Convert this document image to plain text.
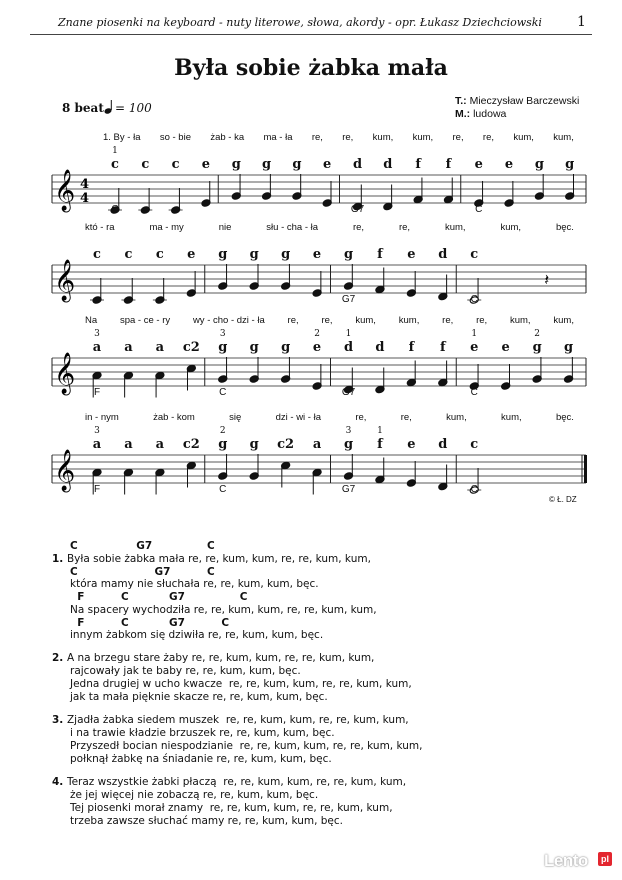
Znane piosenki na keyboard - nuty literowe, słowa, akordy - opr. Łukasz Dziechciowski	1
Była sobie żabka mała
T.: Mieczysław Barczewski
M.: ludowa
8 beat = 100
𝄞 4
4
c c c e g g g e d d f f e e g g
1
C	G7	C
1. By - ła so - bie żab - ka ma - ła re, re, kum, kum, re, re, kum, kum,
𝄞	𝄽
c c c e g g g e g f e d c
G7	C
któ - ra	ma - my	nie	słu - cha - ła	re,	re,	kum,	kum,	bęc.
𝄞
a a a c2 g g g e d d f f e e g g
3	3	2	1	1	2
F	C	G7	C
Na spa - ce - ry wy - cho - dzi - ła re, re, kum, kum, re, re, kum, kum,
𝄞
a a a c2 g g c2 a g f e d c
3	2	3	1
F	C	G7	C
in - nym	żab - kom	się	dzi - wi - ła	re,	re,	kum,	kum,	bęc.
© Ł. DZ
C                G7               C
1. Była sobie żabka mała re, re, kum, kum, re, re, kum, kum,
C                     G7          C
która mamy nie słuchała re, re, kum, kum, bęc.
F          C           G7               C
Na spacery wychodziła re, re, kum, kum, re, re, kum, kum,
F          C           G7          C
innym żabkom się dziwiła re, re, kum, kum, bęc.
2. A na brzegu stare żaby re, re, kum, kum, re, re, kum, kum,
rajcowały jak te baby re, re, kum, kum, bęc.
Jedna drugiej w ucho kwacze  re, re, kum, kum, re, re, kum, kum,
jak ta mała pięknie skacze re, re, kum, kum, bęc.
3. Zjadła żabka siedem muszek  re, re, kum, kum, re, re, kum, kum,
i na trawie kładzie brzuszek re, re, kum, kum, bęc.
Przyszedł bocian niespodzianie  re, re, kum, kum, re, re, kum, kum,
połknął żabkę na śniadanie re, re, kum, kum, bęc.
4. Teraz wszystkie żabki płaczą  re, re, kum, kum, re, re, kum, kum,
że jej więcej nie zobaczą re, re, kum, kum, bęc.
Tej piosenki morał znamy  re, re, kum, kum, re, re, kum, kum,
trzeba zawsze słuchać mamy re, re, kum, kum, bęc.
Lento	pl
